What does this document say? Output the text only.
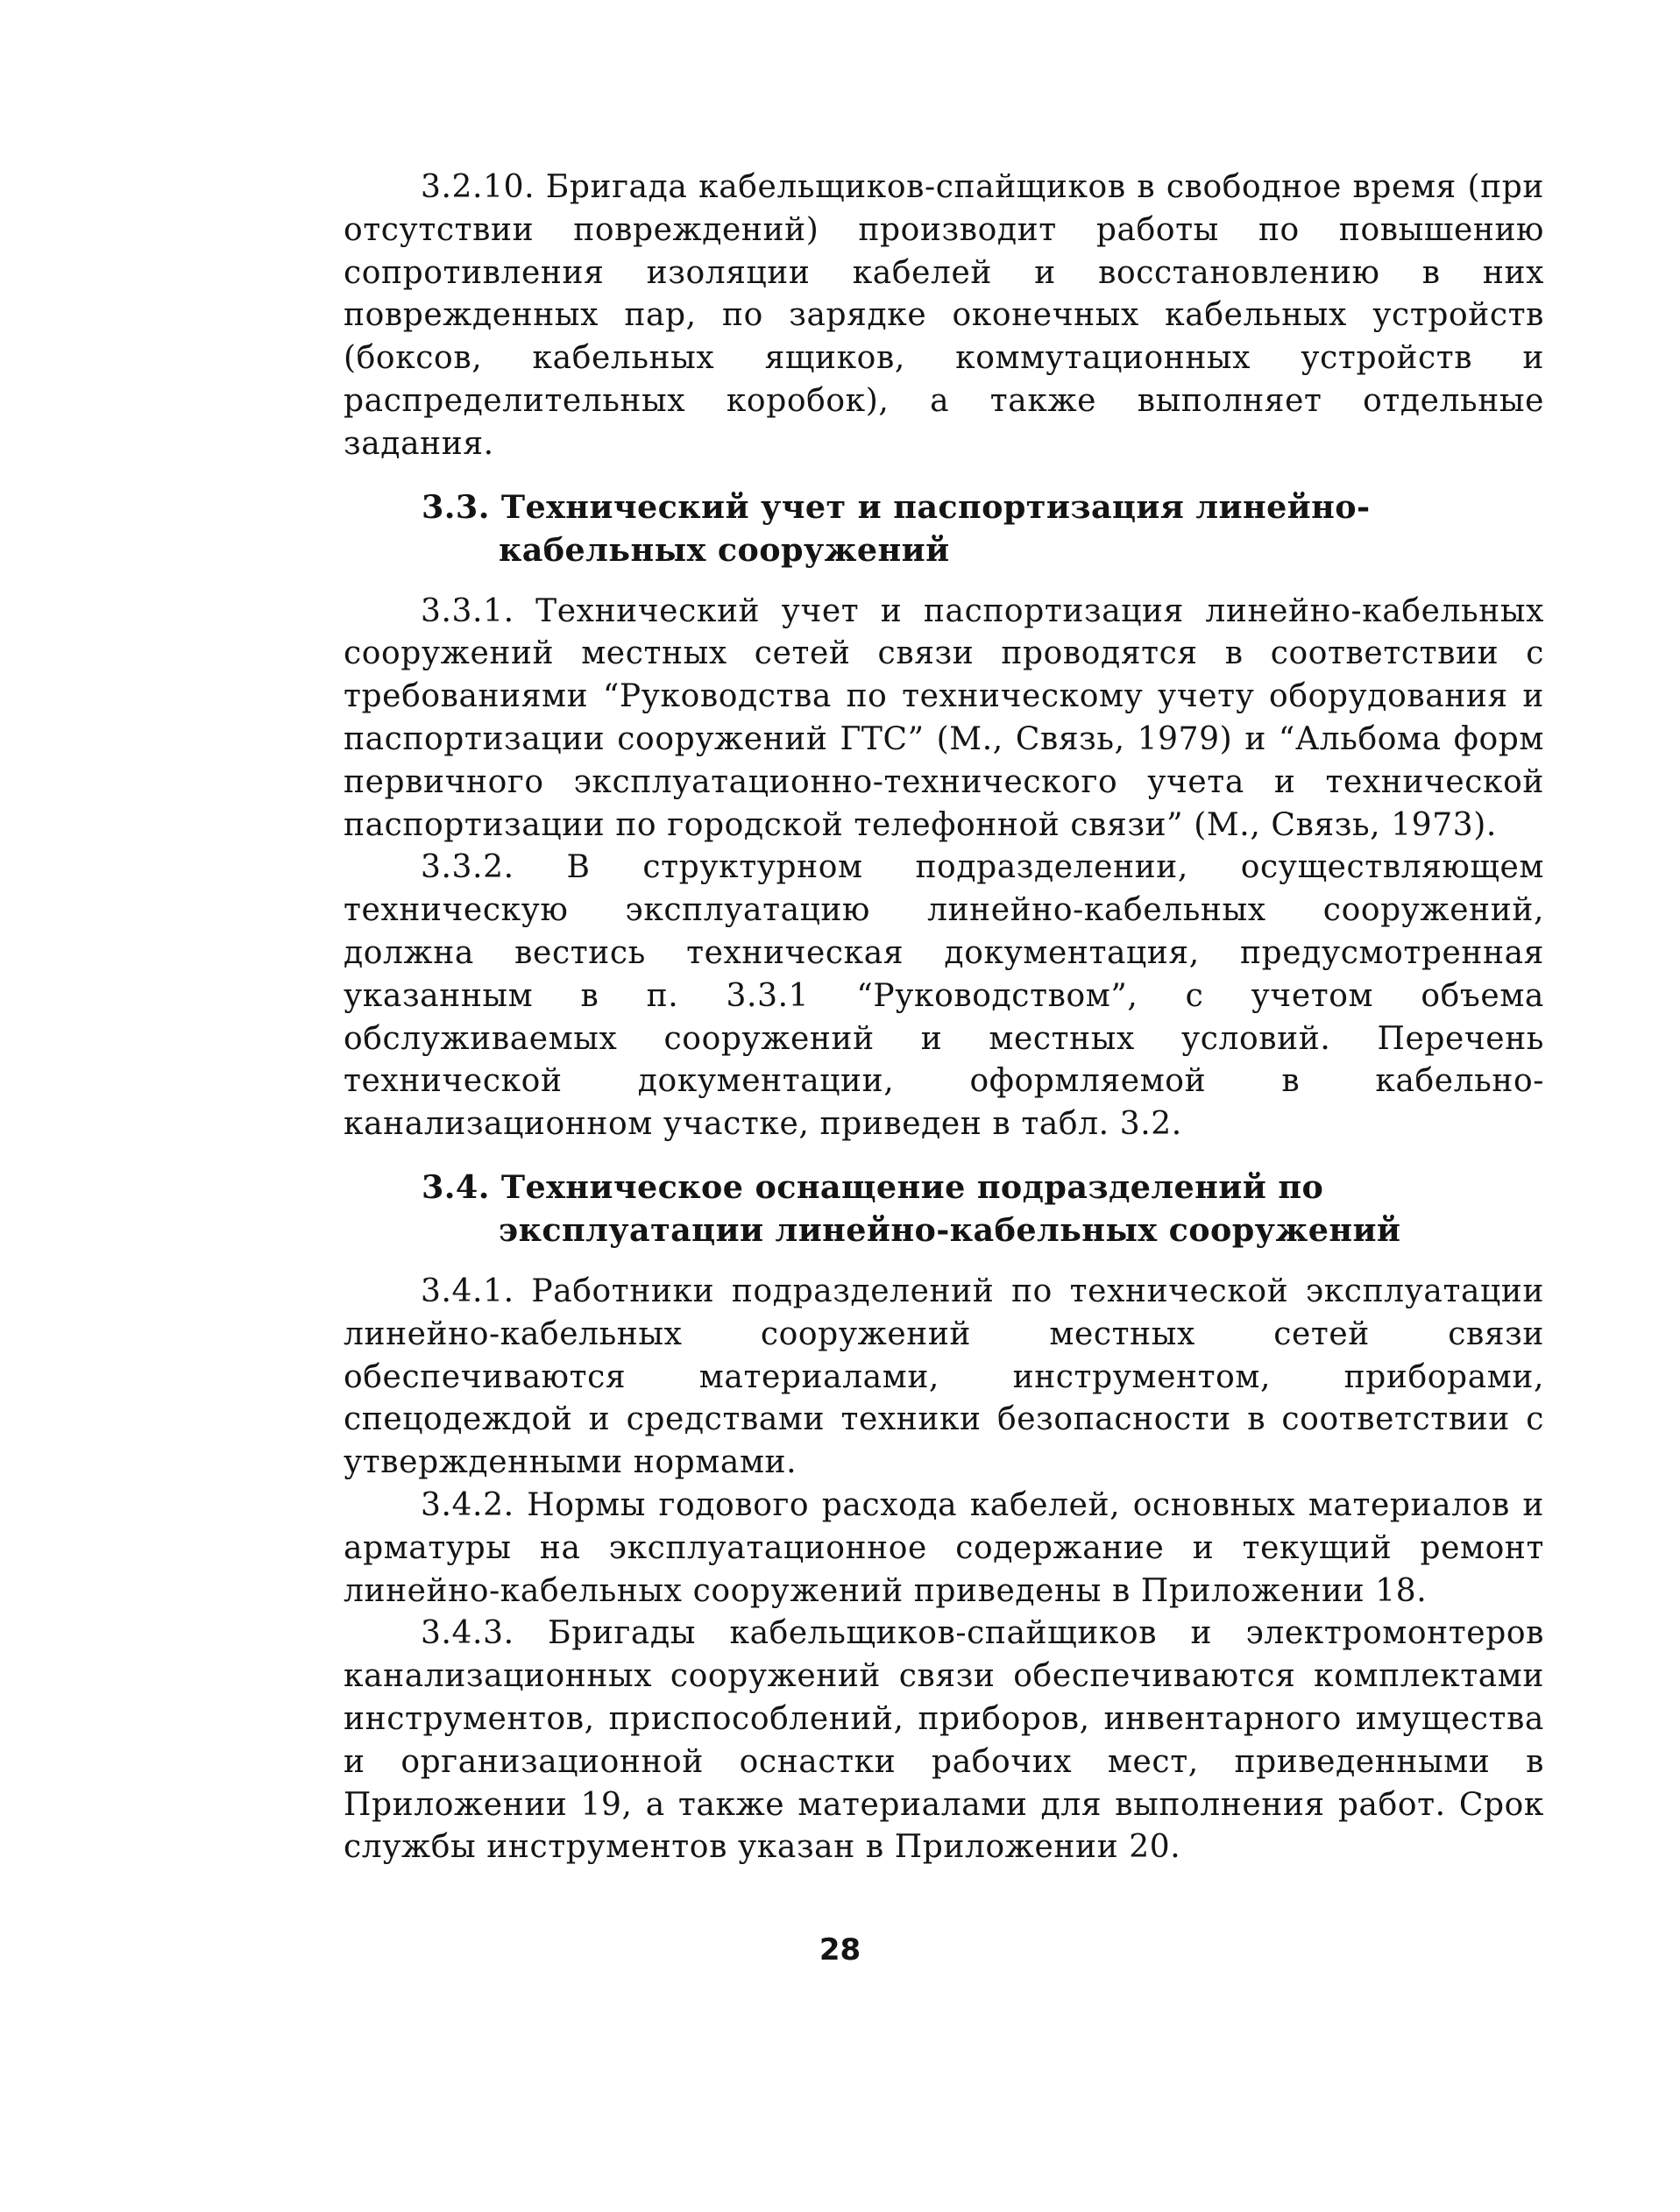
3.2.10. Бригада кабельщиков-спайщиков в свободное время (при отсутствии повреждений) производит работы по повышению сопротивления изоляции кабелей и восстановлению в них поврежденных пар, по зарядке оконечных кабельных устройств (боксов, кабельных ящиков, коммутационных устройств и распределительных коробок), а также выполняет отдельные задания.

3.3. Технический учет и паспортизация линейно-кабельных сооружений

3.3.1. Технический учет и паспортизация линейно-кабельных сооружений местных сетей связи проводятся в соответствии с требованиями “Руководства по техническому учету оборудования и паспортизации сооружений ГТС” (М., Связь, 1979) и “Альбома форм первичного эксплуатационно-технического учета и технической паспортизации по городской телефонной связи” (М., Связь, 1973).

3.3.2. В структурном подразделении, осуществляющем техническую эксплуатацию линейно-кабельных сооружений, должна вестись техническая документация, предусмотренная указанным в п. 3.3.1 “Руководством”, с учетом объема обслуживаемых сооружений и местных условий. Перечень технической документации, оформляемой в кабельно-канализационном участке, приведен в табл. 3.2.

3.4. Техническое оснащение подразделений по эксплуатации линейно-кабельных сооружений

3.4.1. Работники подразделений по технической эксплуатации линейно-кабельных сооружений местных сетей связи обеспечиваются материалами, инструментом, приборами, спецодеждой и средствами техники безопасности в соответствии с утвержденными нормами.

3.4.2. Нормы годового расхода кабелей, основных материалов и арматуры на эксплуатационное содержание и текущий ремонт линейно-кабельных сооружений приведены в Приложении 18.

3.4.3. Бригады кабельщиков-спайщиков и электромонтеров канализационных сооружений связи обеспечиваются комплектами инструментов, приспособлений, приборов, инвентарного имущества и организационной оснастки рабочих мест, приведенными в Приложении 19, а также материалами для выполнения работ. Срок службы инструментов указан в Приложении 20.

28
